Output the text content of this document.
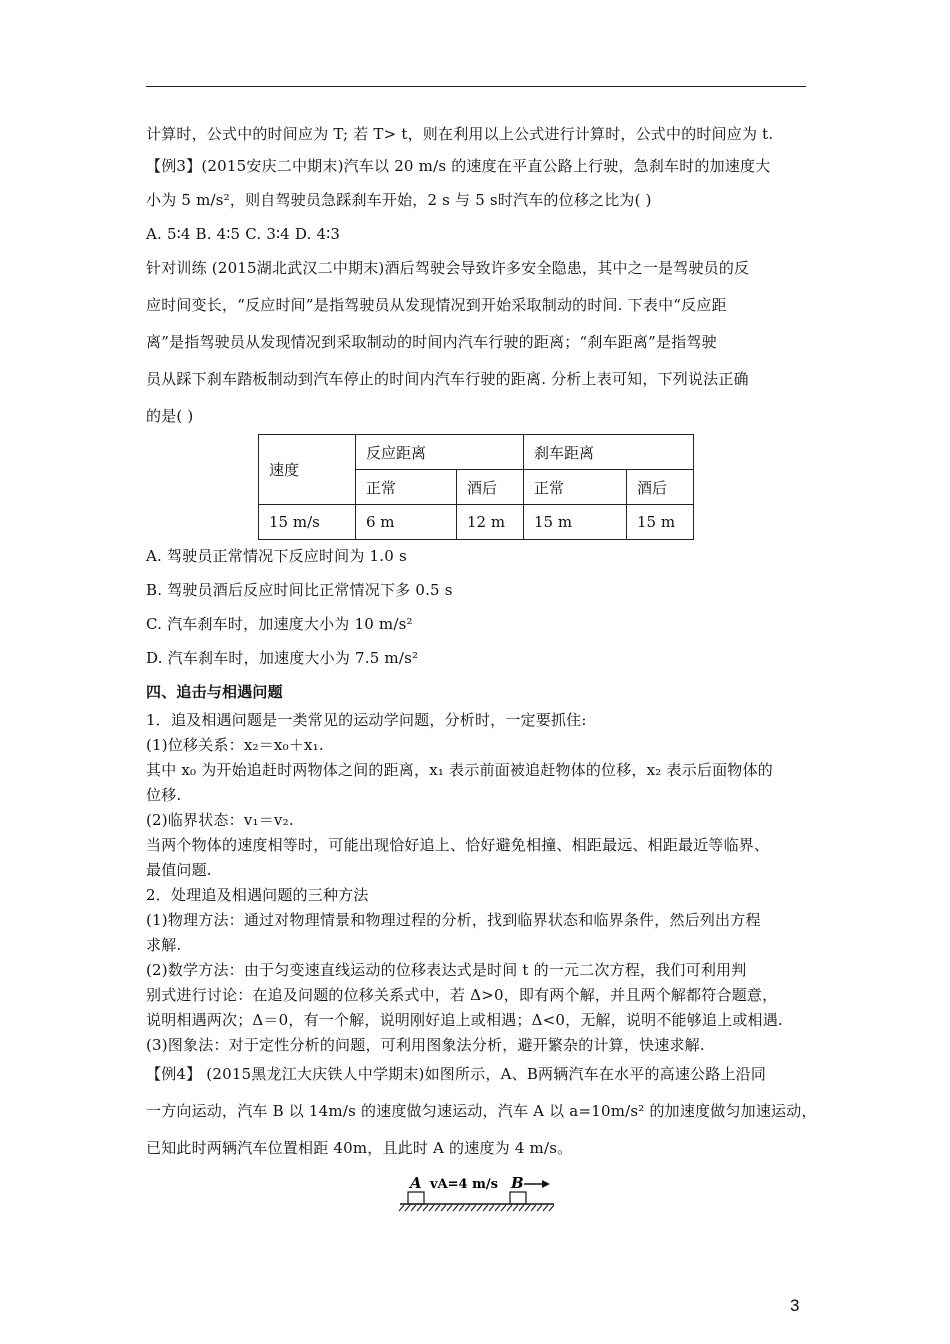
计算时，公式中的时间应为 T; 若 T> t，则在利用以上公式进行计算时，公式中的时间应为 t.
【例3】(2015安庆二中期末)汽车以 20 m/s 的速度在平直公路上行驶，急刹车时的加速度大
小为 5 m/s²，则自驾驶员急踩刹车开始，2 s 与 5 s时汽车的位移之比为( )
A. 5∶4 B. 4∶5 C. 3∶4 D. 4∶3
针对训练 (2015湖北武汉二中期末)酒后驾驶会导致许多安全隐患，其中之一是驾驶员的反
应时间变长，“反应时间”是指驾驶员从发现情况到开始采取制动的时间. 下表中“反应距
离”是指驾驶员从发现情况到采取制动的时间内汽车行驶的距离；“刹车距离”是指驾驶
员从踩下刹车踏板制动到汽车停止的时间内汽车行驶的距离. 分析上表可知，下列说法正确
的是( )
速度	反应距离		刹车距离	
	正常	酒后	正常	酒后
15 m/s	6 m	12 m	15 m	15 m
A. 驾驶员正常情况下反应时间为 1.0 s
B. 驾驶员酒后反应时间比正常情况下多 0.5 s
C. 汽车刹车时，加速度大小为 10 m/s²
D. 汽车刹车时，加速度大小为 7.5 m/s²
四、追击与相遇问题
1．追及相遇问题是一类常见的运动学问题，分析时，一定要抓住:
(1)位移关系：x₂＝x₀＋x₁.
其中 x₀ 为开始追赶时两物体之间的距离，x₁ 表示前面被追赶物体的位移，x₂ 表示后面物体的
位移.
(2)临界状态：v₁＝v₂.
当两个物体的速度相等时，可能出现恰好追上、恰好避免相撞、相距最远、相距最近等临界、
最值问题.
2．处理追及相遇问题的三种方法
(1)物理方法：通过对物理情景和物理过程的分析，找到临界状态和临界条件，然后列出方程
求解.
(2)数学方法：由于匀变速直线运动的位移表达式是时间 t 的一元二次方程，我们可利用判
别式进行讨论：在追及问题的位移关系式中，若 Δ>0，即有两个解，并且两个解都符合题意，
说明相遇两次；Δ＝0，有一个解，说明刚好追上或相遇；Δ<0，无解，说明不能够追上或相遇.
(3)图象法：对于定性分析的问题，可利用图象法分析，避开繁杂的计算，快速求解.
【例4】 (2015黑龙江大庆铁人中学期末)如图所示，A、B两辆汽车在水平的高速公路上沿同
一方向运动，汽车 B 以 14m/s 的速度做匀速运动，汽车 A 以 a=10m/s² 的加速度做匀加速运动，
已知此时两辆汽车位置相距 40m，且此时 A 的速度为 4 m/s。
A vA=4 m/s B
3
